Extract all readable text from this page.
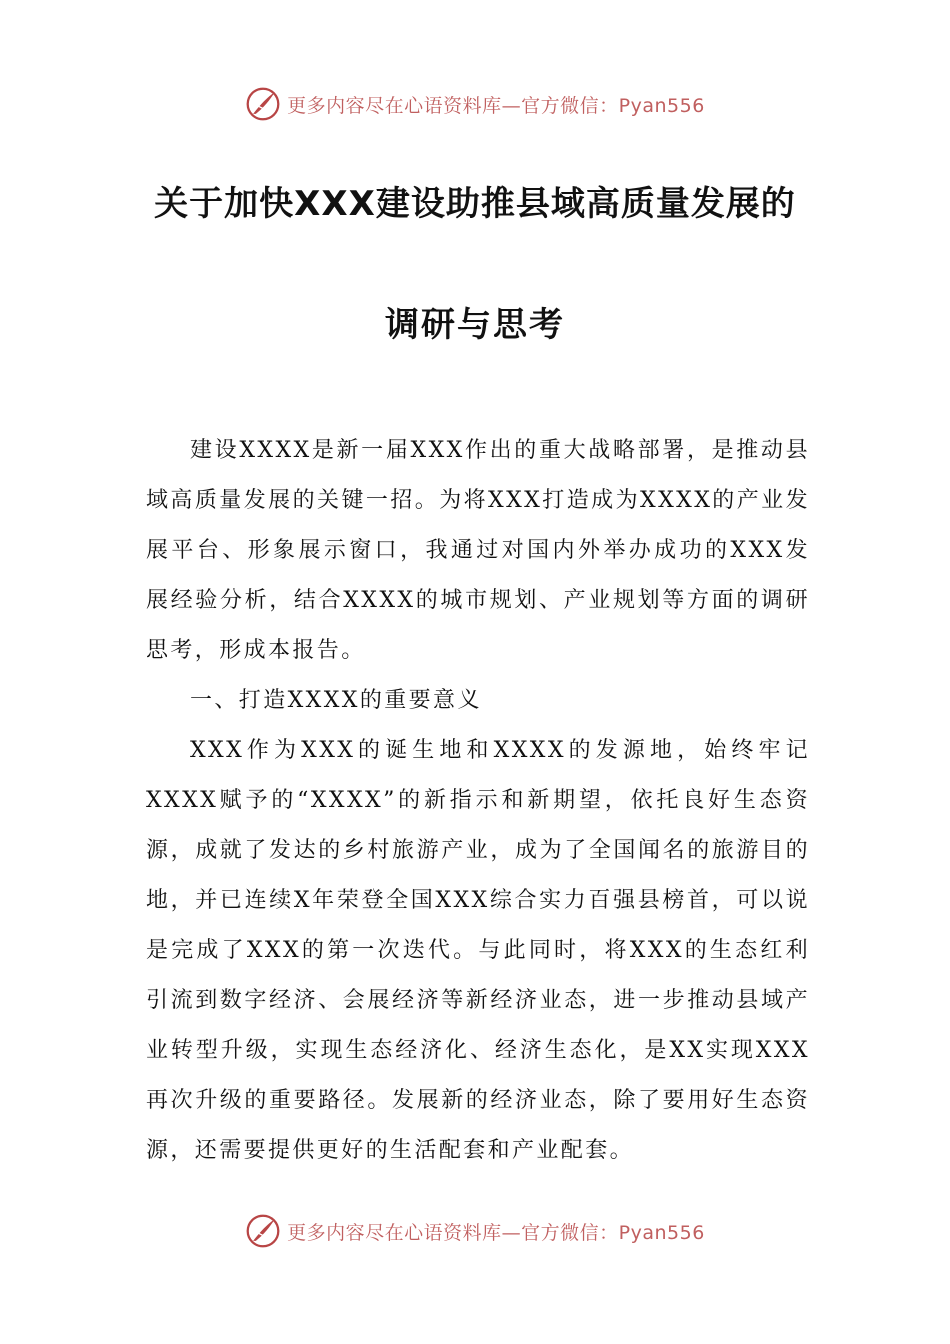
更多内容尽在心语资料库—官方微信：Pyan556
关于加快XXX建设助推县域高质量发展的
调研与思考

建设XXXX是新一届XXX作出的重大战略部署，是推动县域高质量发展的关键一招。为将XXX打造成为XXXX的产业发展平台、形象展示窗口，我通过对国内外举办成功的XXX发展经验分析，结合XXXX的城市规划、产业规划等方面的调研思考，形成本报告。

一、打造XXXX的重要意义

XXX作为XXX的诞生地和XXXX的发源地，始终牢记XXXX赋予的“XXXX”的新指示和新期望，依托良好生态资源，成就了发达的乡村旅游产业，成为了全国闻名的旅游目的地，并已连续X年荣登全国XXX综合实力百强县榜首，可以说是完成了XXX的第一次迭代。与此同时，将XXX的生态红利引流到数字经济、会展经济等新经济业态，进一步推动县域产业转型升级，实现生态经济化、经济生态化，是XX实现XXX再次升级的重要路径。发展新的经济业态，除了要用好生态资源，还需要提供更好的生活配套和产业配套。

更多内容尽在心语资料库—官方微信：Pyan556
